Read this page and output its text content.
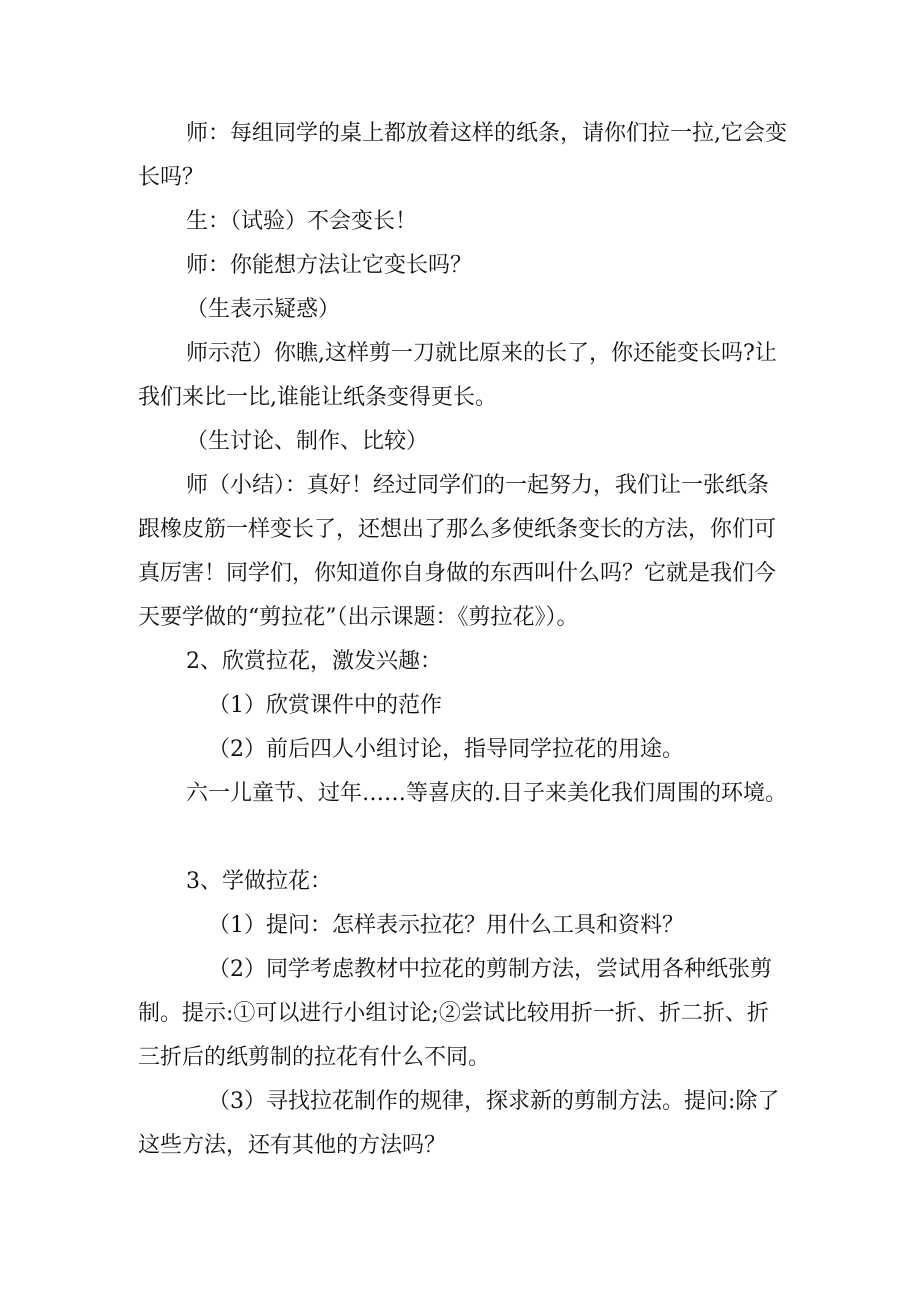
师：每组同学的桌上都放着这样的纸条，请你们拉一拉,它会变长吗？

生：（试验）不会变长！

师：你能想方法让它变长吗？

（生表示疑惑）

师示范）你瞧,这样剪一刀就比原来的长了，你还能变长吗?让我们来比一比,谁能让纸条变得更长。

（生讨论、制作、比较）

师（小结）：真好！经过同学们的一起努力，我们让一张纸条跟橡皮筋一样变长了，还想出了那么多使纸条变长的方法，你们可真厉害！同学们，你知道你自身做的东西叫什么吗？它就是我们今天要学做的“剪拉花”（出示课题：《剪拉花》）。

2、欣赏拉花，激发兴趣：

（1）欣赏课件中的范作

（2）前后四人小组讨论，指导同学拉花的用途。

六一儿童节、过年……等喜庆的.日子来美化我们周围的环境。

3、学做拉花：

（1）提问：怎样表示拉花？用什么工具和资料？

（2）同学考虑教材中拉花的剪制方法，尝试用各种纸张剪制。提示:①可以进行小组讨论;②尝试比较用折一折、折二折、折三折后的纸剪制的拉花有什么不同。

（3）寻找拉花制作的规律，探求新的剪制方法。提问:除了这些方法，还有其他的方法吗？
